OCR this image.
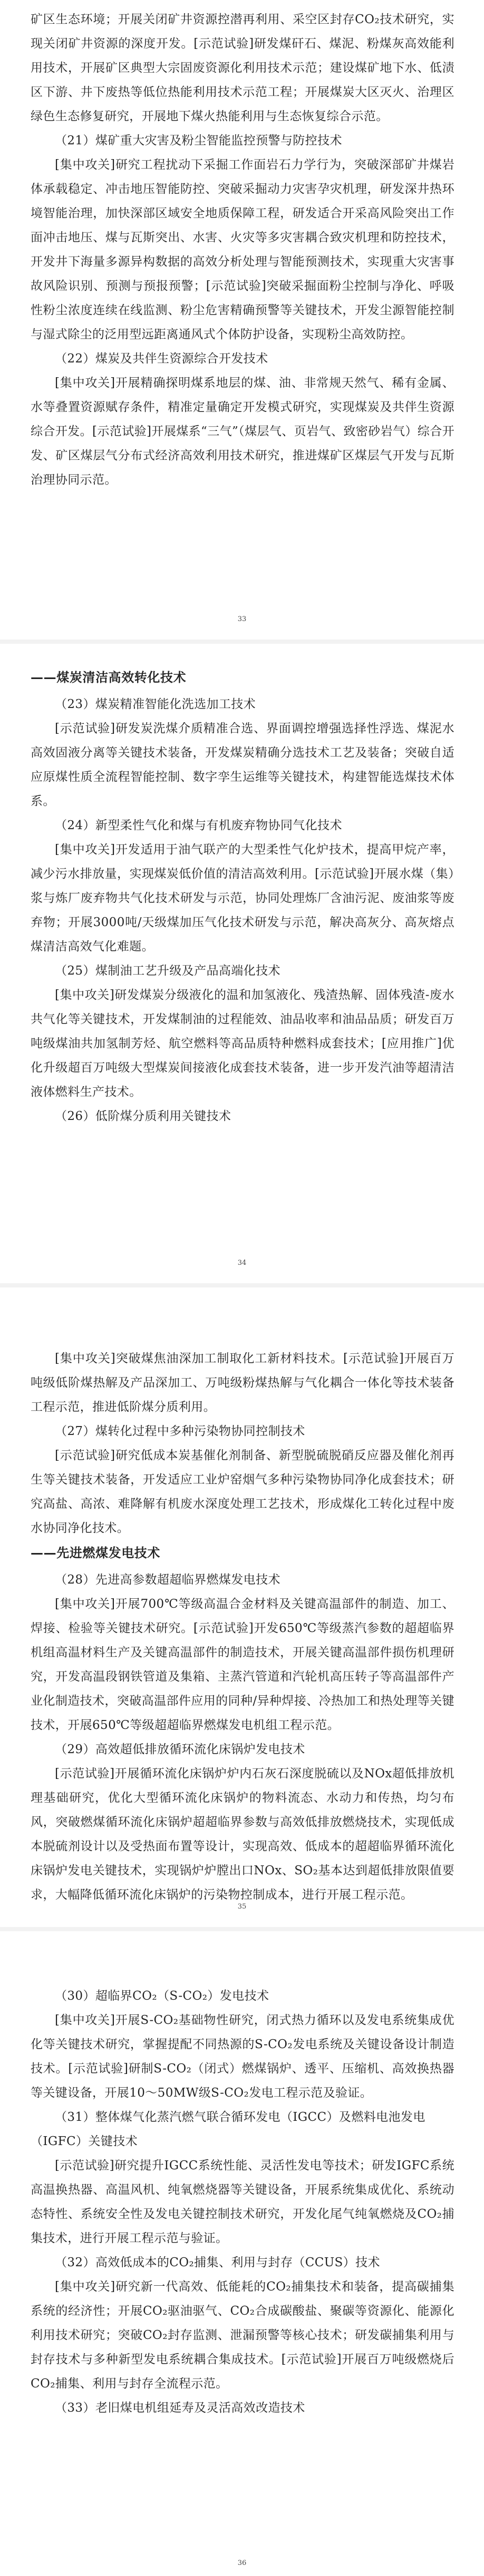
矿区生态环境；开展关闭矿井资源控潜再利用、采空区封存CO₂技术研究，实现关闭矿井资源的深度开发。[示范试验]研发煤矸石、煤泥、粉煤灰高效能利用技术，开展矿区典型大宗固废资源化利用技术示范；建设煤矿地下水、低渍区下游、井下废热等低位热能利用技术示范工程；开展煤炭大区灭火、治理区绿色生态修复研究，开展地下煤火热能利用与生态恢复综合示范。

（21）煤矿重大灾害及粉尘智能监控预警与防控技术

[集中攻关]研究工程扰动下采掘工作面岩石力学行为，突破深部矿井煤岩体承载稳定、冲击地压智能防控、突破采掘动力灾害孕灾机理，研发深井热环境智能治理，加快深部区域安全地质保障工程，研发适合开采高风险突出工作面冲击地压、煤与瓦斯突出、水害、火灾等多灾害耦合致灾机理和防控技术，开发井下海量多源异构数据的高效分析处理与智能预测技术，实现重大灾害事故风险识别、预测与预报预警；[示范试验]突破采掘面粉尘控制与净化、呼吸性粉尘浓度连续在线监测、粉尘危害精确预警等关键技术，开发尘源智能控制与湿式除尘的泛用型远距离通风式个体防护设备，实现粉尘高效防控。

（22）煤炭及共伴生资源综合开发技术

[集中攻关]开展精确探明煤系地层的煤、油、非常规天然气、稀有金属、水等叠置资源赋存条件，精准定量确定开发模式研究，实现煤炭及共伴生资源综合开发。[示范试验]开展煤系“三气”（煤层气、页岩气、致密砂岩气）综合开发、矿区煤层气分布式经济高效利用技术研究，推进煤矿区煤层气开发与瓦斯治理协同示范。

——煤炭清洁高效转化技术

（23）煤炭精准智能化洗选加工技术

[示范试验]研发炭洗煤介质精准合选、界面调控增强选择性浮选、煤泥水高效固液分离等关键技术装备，开发煤炭精确分选技术工艺及装备；突破自适应原煤性质全流程智能控制、数字孪生运维等关键技术，构建智能选煤技术体系。

（24）新型柔性气化和煤与有机废弃物协同气化技术

[集中攻关]开发适用于油气联产的大型柔性气化炉技术，提高甲烷产率，减少污水排放量，实现煤炭低价值的清洁高效利用。[示范试验]开展水煤（集）浆与炼厂废弃物共气化技术研发与示范，协同处理炼厂含油污泥、废油浆等废弃物；开展3000吨/天级煤加压气化技术研发与示范，解决高灰分、高灰熔点煤清洁高效气化难题。

（25）煤制油工艺升级及产品高端化技术

[集中攻关]研发煤炭分级液化的温和加氢液化、残渣热解、固体残渣-废水共气化等关键技术，开发煤制油的过程能效、油品收率和油品品质；研发百万吨级煤油共加氢制芳烃、航空燃料等高品质特种燃料成套技术；[应用推广]优化升级超百万吨级大型煤炭间接液化成套技术装备，进一步开发汽油等超清洁液体燃料生产技术。

（26）低阶煤分质利用关键技术

[集中攻关]突破煤焦油深加工制取化工新材料技术。[示范试验]开展百万吨级低阶煤热解及产品深加工、万吨级粉煤热解与气化耦合一体化等技术装备工程示范，推进低阶煤分质利用。

（27）煤转化过程中多种污染物协同控制技术

[示范试验]研究低成本炭基催化剂制备、新型脱硫脱硝反应器及催化剂再生等关键技术装备，开发适应工业炉窑烟气多种污染物协同净化成套技术；研究高盐、高浓、难降解有机废水深度处理工艺技术，形成煤化工转化过程中废水协同净化技术。

——先进燃煤发电技术

（28）先进高参数超超临界燃煤发电技术

[集中攻关]开展700℃等级高温合金材料及关键高温部件的制造、加工、焊接、检验等关键技术研究。[示范试验]开发650℃等级蒸汽参数的超超临界机组高温材料生产及关键高温部件的制造技术，开展关键高温部件损伤机理研究，开发高温段钢铁管道及集箱、主蒸汽管道和汽轮机高压转子等高温部件产业化制造技术，突破高温部件应用的同种/异种焊接、冷热加工和热处理等关键技术，开展650℃等级超超临界燃煤发电机组工程示范。

（29）高效超低排放循环流化床锅炉发电技术

[示范试验]开展循环流化床锅炉炉内石灰石深度脱硫以及NOx超低排放机理基础研究，优化大型循环流化床锅炉的物料流态、水动力和传热，均匀布风，突破燃煤循环流化床锅炉超超临界参数与高效低排放燃烧技术，实现低成本脱硫剂设计以及受热面布置等设计，实现高效、低成本的超超临界循环流化床锅炉发电关键技术，实现锅炉炉膛出口NOx、SO₂基本达到超低排放限值要求，大幅降低循环流化床锅炉的污染物控制成本，进行开展工程示范。

（30）超临界CO₂（S-CO₂）发电技术

[集中攻关]开展S-CO₂基础物性研究，闭式热力循环以及发电系统集成优化等关键技术研究，掌握提配不同热源的S-CO₂发电系统及关键设备设计制造技术。[示范试验]研制S-CO₂（闭式）燃煤锅炉、透平、压缩机、高效换热器等关键设备，开展10～50MW级S-CO₂发电工程示范及验证。

（31）整体煤气化蒸汽燃气联合循环发电（IGCC）及燃料电池发电（IGFC）关键技术

[示范试验]研究提升IGCC系统性能、灵活性发电等技术；研发IGFC系统高温换热器、高温风机、纯氧燃烧器等关键设备，开展系统集成优化、系统动态特性、系统安全性及发电关键控制技术研究，开发化尾气纯氧燃烧及CO₂捕集技术，进行开展工程示范与验证。

（32）高效低成本的CO₂捕集、利用与封存（CCUS）技术

[集中攻关]研究新一代高效、低能耗的CO₂捕集技术和装备，提高碳捕集系统的经济性；开展CO₂驱油驱气、CO₂合成碳酸盐、聚碳等资源化、能源化利用技术研究；突破CO₂封存监测、泄漏预警等核心技术；研发碳捕集利用与封存技术与多种新型发电系统耦合集成技术。[示范试验]开展百万吨级燃烧后CO₂捕集、利用与封存全流程示范。

（33）老旧煤电机组延寿及灵活高效改造技术

33
34
35
36
